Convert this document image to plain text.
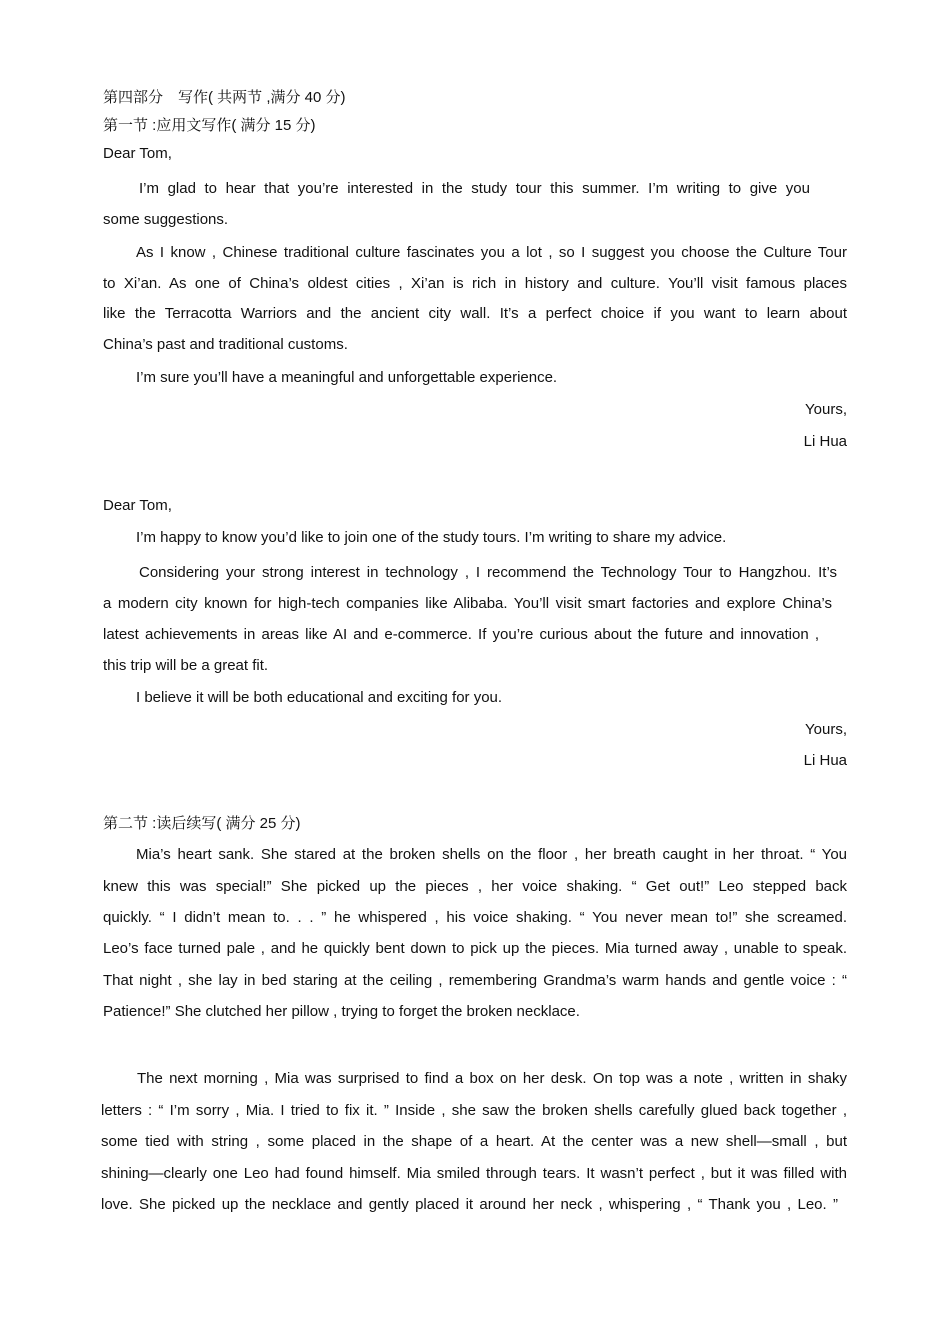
第四部分　写作( 共两节 ,满分 40 分)
第一节 :应用文写作( 满分 15 分)
Dear Tom,
I’m glad to hear that you’re interested in the study tour this summer. I’m writing to give you
some suggestions.
As I know , Chinese traditional culture fascinates you a lot , so I suggest you choose the Culture Tour
to Xi’an. As one of China’s oldest cities , Xi’an is rich in history and culture. You’ll visit famous places
like the Terracotta Warriors and the ancient city wall. It’s a perfect choice if you want to learn about
China’s past and traditional customs.
I’m sure you’ll have a meaningful and unforgettable experience.
Yours,
Li Hua
Dear Tom,
I’m happy to know you’d like to join one of the study tours. I’m writing to share my advice.
Considering your strong interest in technology , I recommend the Technology Tour to Hangzhou. It’s
a modern city known for high-tech companies like Alibaba. You’ll visit smart factories and explore China’s
latest achievements in areas like AI and e-commerce. If you’re curious about the future and innovation ,
this trip will be a great fit.
I believe it will be both educational and exciting for you.
Yours,
Li Hua
第二节 :读后续写( 满分 25 分)
Mia’s heart sank. She stared at the broken shells on the floor , her breath caught in her throat. “ You
knew this was special!” She picked up the pieces , her voice shaking. “ Get out!” Leo stepped back
quickly. “ I didn’t mean to. . . ” he whispered , his voice shaking. “ You never mean to!” she screamed.
Leo’s face turned pale , and he quickly bent down to pick up the pieces. Mia turned away , unable to speak.
That night , she lay in bed staring at the ceiling , remembering Grandma’s warm hands and gentle voice : “
Patience!” She clutched her pillow , trying to forget the broken necklace.
The next morning , Mia was surprised to find a box on her desk. On top was a note , written in shaky
letters : “ I’m sorry , Mia. I tried to fix it. ” Inside , she saw the broken shells carefully glued back together ,
some tied with string , some placed in the shape of a heart. At the center was a new shell—small , but
shining—clearly one Leo had found himself. Mia smiled through tears. It wasn’t perfect , but it was filled with
love. She picked up the necklace and gently placed it around her neck , whispering , “ Thank you , Leo. ”
